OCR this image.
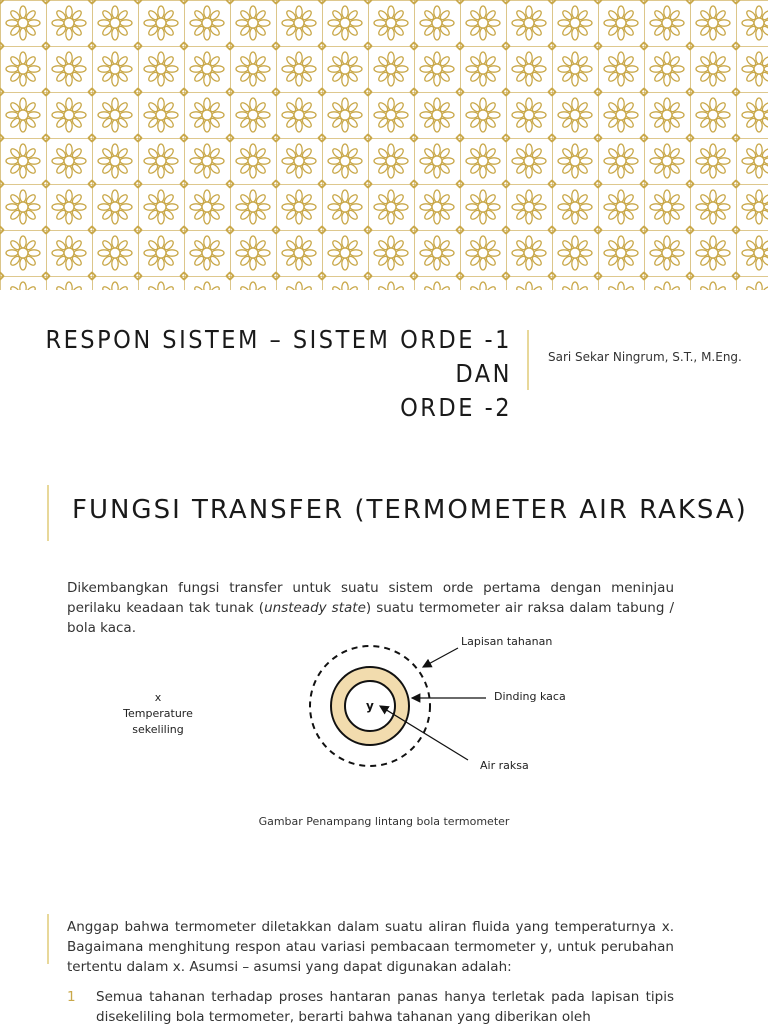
RESPON SISTEM – SISTEM ORDE -1 DAN
ORDE -2
Sari Sekar Ningrum, S.T., M.Eng.
FUNGSI TRANSFER (TERMOMETER AIR RAKSA)
Dikembangkan fungsi transfer untuk suatu sistem orde pertama dengan meninjau perilaku keadaan tak tunak (unsteady state) suatu termometer air raksa dalam tabung / bola kaca.
x
Temperature
sekeliling
y
Lapisan tahanan
Dinding kaca
Air raksa
Gambar Penampang lintang bola termometer
Anggap bahwa termometer diletakkan dalam suatu aliran fluida yang temperaturnya x. Bagaimana menghitung respon atau variasi pembacaan termometer y, untuk perubahan tertentu dalam x. Asumsi – asumsi yang dapat digunakan adalah:
1 Semua tahanan terhadap proses hantaran panas hanya terletak pada lapisan tipis disekeliling bola termometer, berarti bahwa tahanan yang diberikan oleh
